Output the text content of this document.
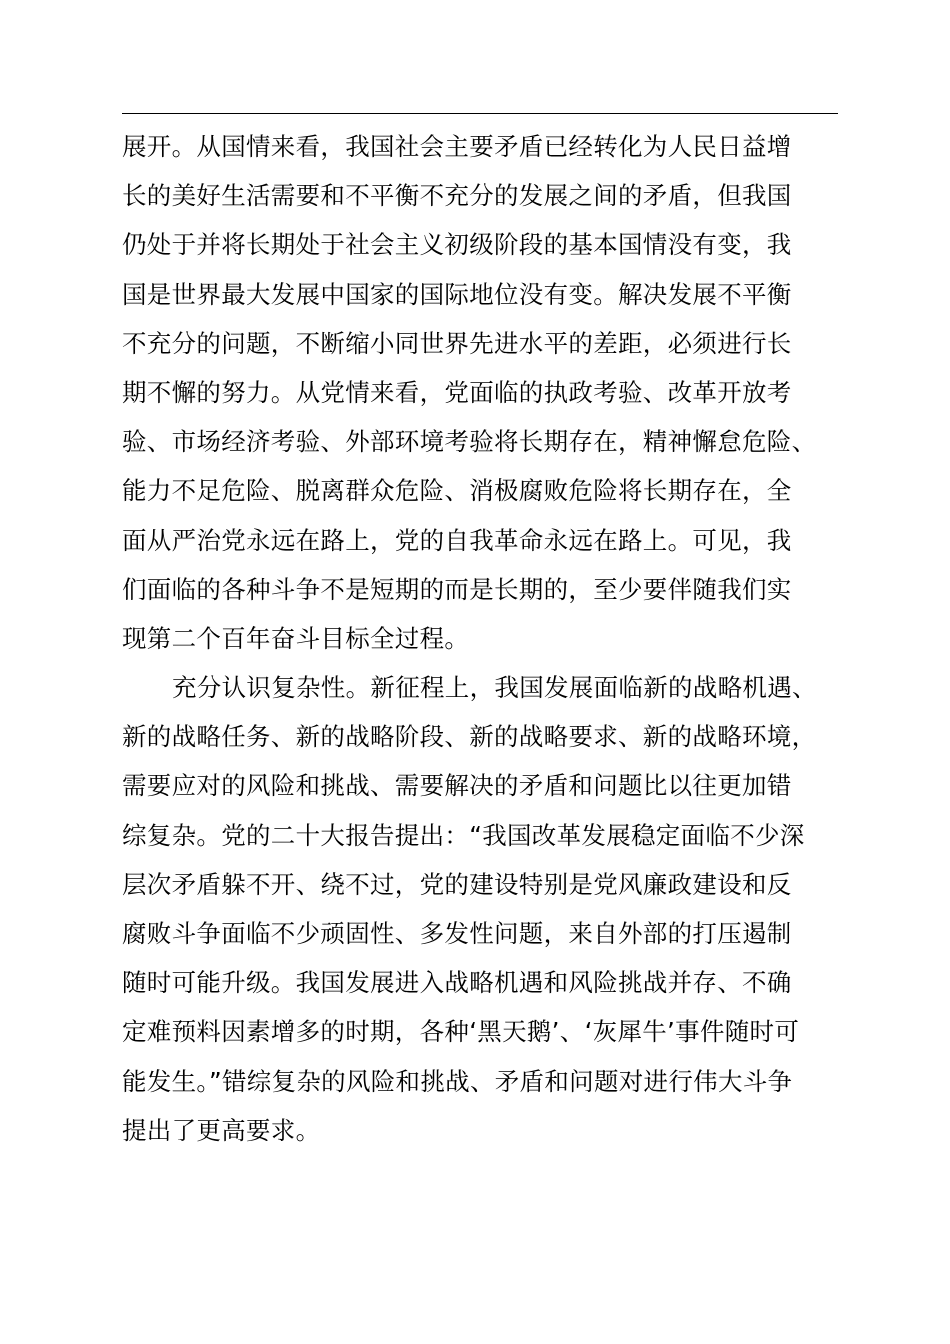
展开。从国情来看，我国社会主要矛盾已经转化为人民日益增
长的美好生活需要和不平衡不充分的发展之间的矛盾，但我国
仍处于并将长期处于社会主义初级阶段的基本国情没有变，我
国是世界最大发展中国家的国际地位没有变。解决发展不平衡
不充分的问题，不断缩小同世界先进水平的差距，必须进行长
期不懈的努力。从党情来看，党面临的执政考验、改革开放考
验、市场经济考验、外部环境考验将长期存在，精神懈怠危险、
能力不足危险、脱离群众危险、消极腐败危险将长期存在，全
面从严治党永远在路上，党的自我革命永远在路上。可见，我
们面临的各种斗争不是短期的而是长期的，至少要伴随我们实
现第二个百年奋斗目标全过程。
充分认识复杂性。新征程上，我国发展面临新的战略机遇、
新的战略任务、新的战略阶段、新的战略要求、新的战略环境，
需要应对的风险和挑战、需要解决的矛盾和问题比以往更加错
综复杂。党的二十大报告提出：“我国改革发展稳定面临不少深
层次矛盾躲不开、绕不过，党的建设特别是党风廉政建设和反
腐败斗争面临不少顽固性、多发性问题，来自外部的打压遏制
随时可能升级。我国发展进入战略机遇和风险挑战并存、不确
定难预料因素增多的时期，各种‘黑天鹅’、‘灰犀牛’事件随时可
能发生。”错综复杂的风险和挑战、矛盾和问题对进行伟大斗争
提出了更高要求。
